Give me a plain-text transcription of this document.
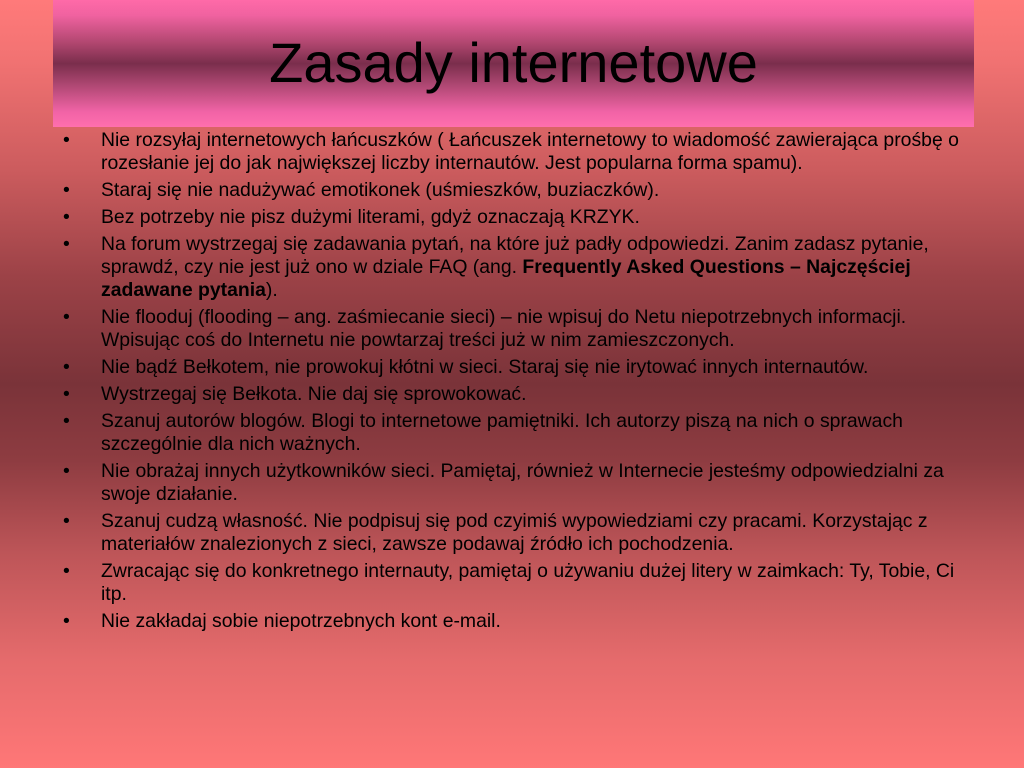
Zasady internetowe
• Nie rozsyłaj internetowych łańcuszków ( Łańcuszek internetowy to wiadomość zawierająca prośbę o rozesłanie jej do jak największej liczby internautów. Jest popularna forma spamu).
• Staraj się nie nadużywać emotikonek (uśmieszków, buziaczków).
• Bez potrzeby nie pisz dużymi literami, gdyż oznaczają KRZYK.
• Na forum wystrzegaj się zadawania pytań, na które już padły odpowiedzi. Zanim zadasz pytanie, sprawdź, czy nie jest już ono w dziale FAQ (ang. Frequently Asked Questions – Najczęściej zadawane pytania).
• Nie flooduj (flooding – ang. zaśmiecanie sieci) – nie wpisuj do Netu niepotrzebnych informacji. Wpisując coś do Internetu nie powtarzaj treści już w nim zamieszczonych.
• Nie bądź Bełkotem, nie prowokuj kłótni w sieci. Staraj się nie irytować innych internautów.
• Wystrzegaj się Bełkota. Nie daj się sprowokować.
• Szanuj autorów blogów. Blogi to internetowe pamiętniki. Ich autorzy piszą na nich o sprawach szczególnie dla nich ważnych.
• Nie obrażaj innych użytkowników sieci. Pamiętaj, również w Internecie jesteśmy odpowiedzialni za swoje działanie.
• Szanuj cudzą własność. Nie podpisuj się pod czyimiś wypowiedziami czy pracami. Korzystając z materiałów znalezionych z sieci, zawsze podawaj źródło ich pochodzenia.
• Zwracając się do konkretnego internauty, pamiętaj o używaniu dużej litery w zaimkach: Ty, Tobie, Ci itp.
• Nie zakładaj sobie niepotrzebnych kont e-mail.
